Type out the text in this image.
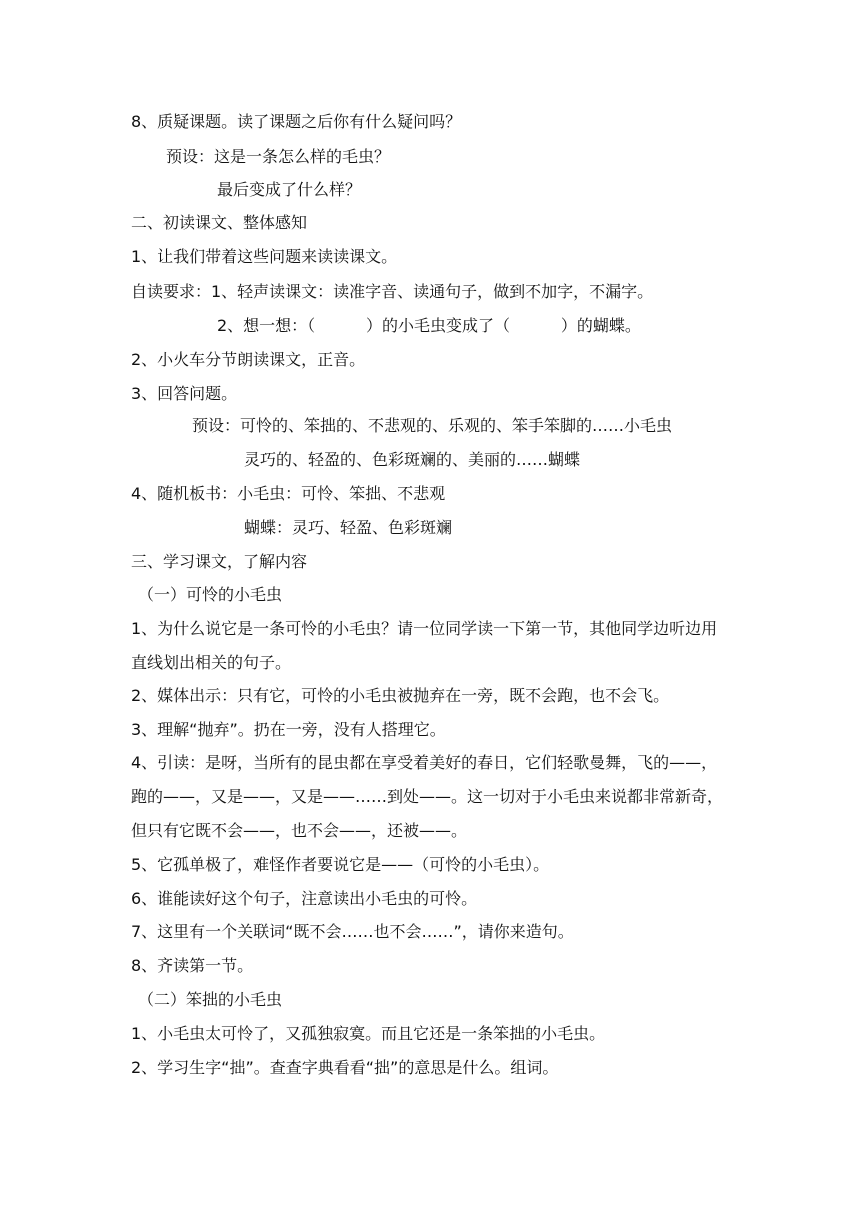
8、质疑课题。读了课题之后你有什么疑问吗？
预设：这是一条怎么样的毛虫？
最后变成了什么样？
二、初读课文、整体感知
1、让我们带着这些问题来读读课文。
自读要求：1、轻声读课文：读准字音、读通句子，做到不加字，不漏字。
2、想一想：（          ）的小毛虫变成了（          ）的蝴蝶。
2、小火车分节朗读课文，正音。
3、回答问题。
预设：可怜的、笨拙的、不悲观的、乐观的、笨手笨脚的……小毛虫
灵巧的、轻盈的、色彩斑斓的、美丽的……蝴蝶
4、随机板书：小毛虫：可怜、笨拙、不悲观
蝴蝶：灵巧、轻盈、色彩斑斓
三、学习课文，了解内容
（一）可怜的小毛虫
1、为什么说它是一条可怜的小毛虫？请一位同学读一下第一节，其他同学边听边用直线划出相关的句子。
2、媒体出示：只有它，可怜的小毛虫被抛弃在一旁，既不会跑，也不会飞。
3、理解“抛弃”。扔在一旁，没有人搭理它。
4、引读：是呀，当所有的昆虫都在享受着美好的春日，它们轻歌曼舞，飞的——，跑的——，又是——，又是——……到处——。这一切对于小毛虫来说都非常新奇，但只有它既不会——，也不会——，还被——。
5、它孤单极了，难怪作者要说它是——（可怜的小毛虫）。
6、谁能读好这个句子，注意读出小毛虫的可怜。
7、这里有一个关联词“既不会……也不会……”，请你来造句。
8、齐读第一节。
（二）笨拙的小毛虫
1、小毛虫太可怜了，又孤独寂寞。而且它还是一条笨拙的小毛虫。
2、学习生字“拙”。查查字典看看“拙”的意思是什么。组词。
